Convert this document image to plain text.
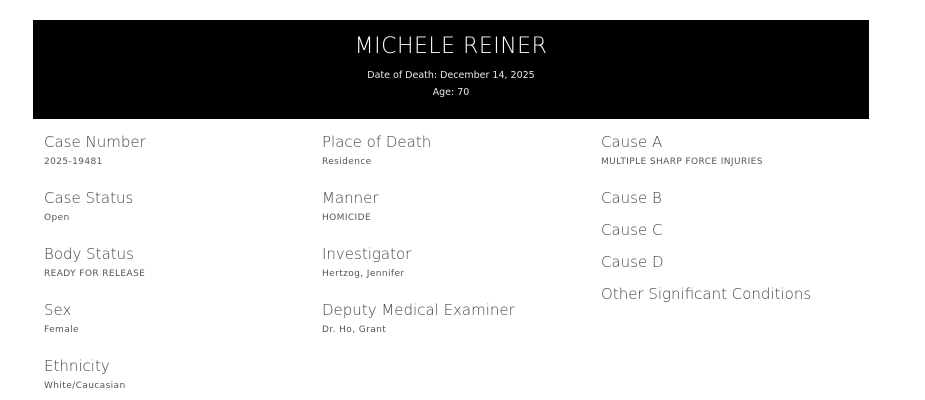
MICHELE REINER
Date of Death: December 14, 2025
Age: 70
Case Number
2025-19481
Case Status
Open
Body Status
READY FOR RELEASE
Sex
Female
Ethnicity
White/Caucasian
Place of Death
Residence
Manner
HOMICIDE
Investigator
Hertzog, Jennifer
Deputy Medical Examiner
Dr. Ho, Grant
Cause A
MULTIPLE SHARP FORCE INJURIES
Cause B
Cause C
Cause D
Other Significant Conditions
